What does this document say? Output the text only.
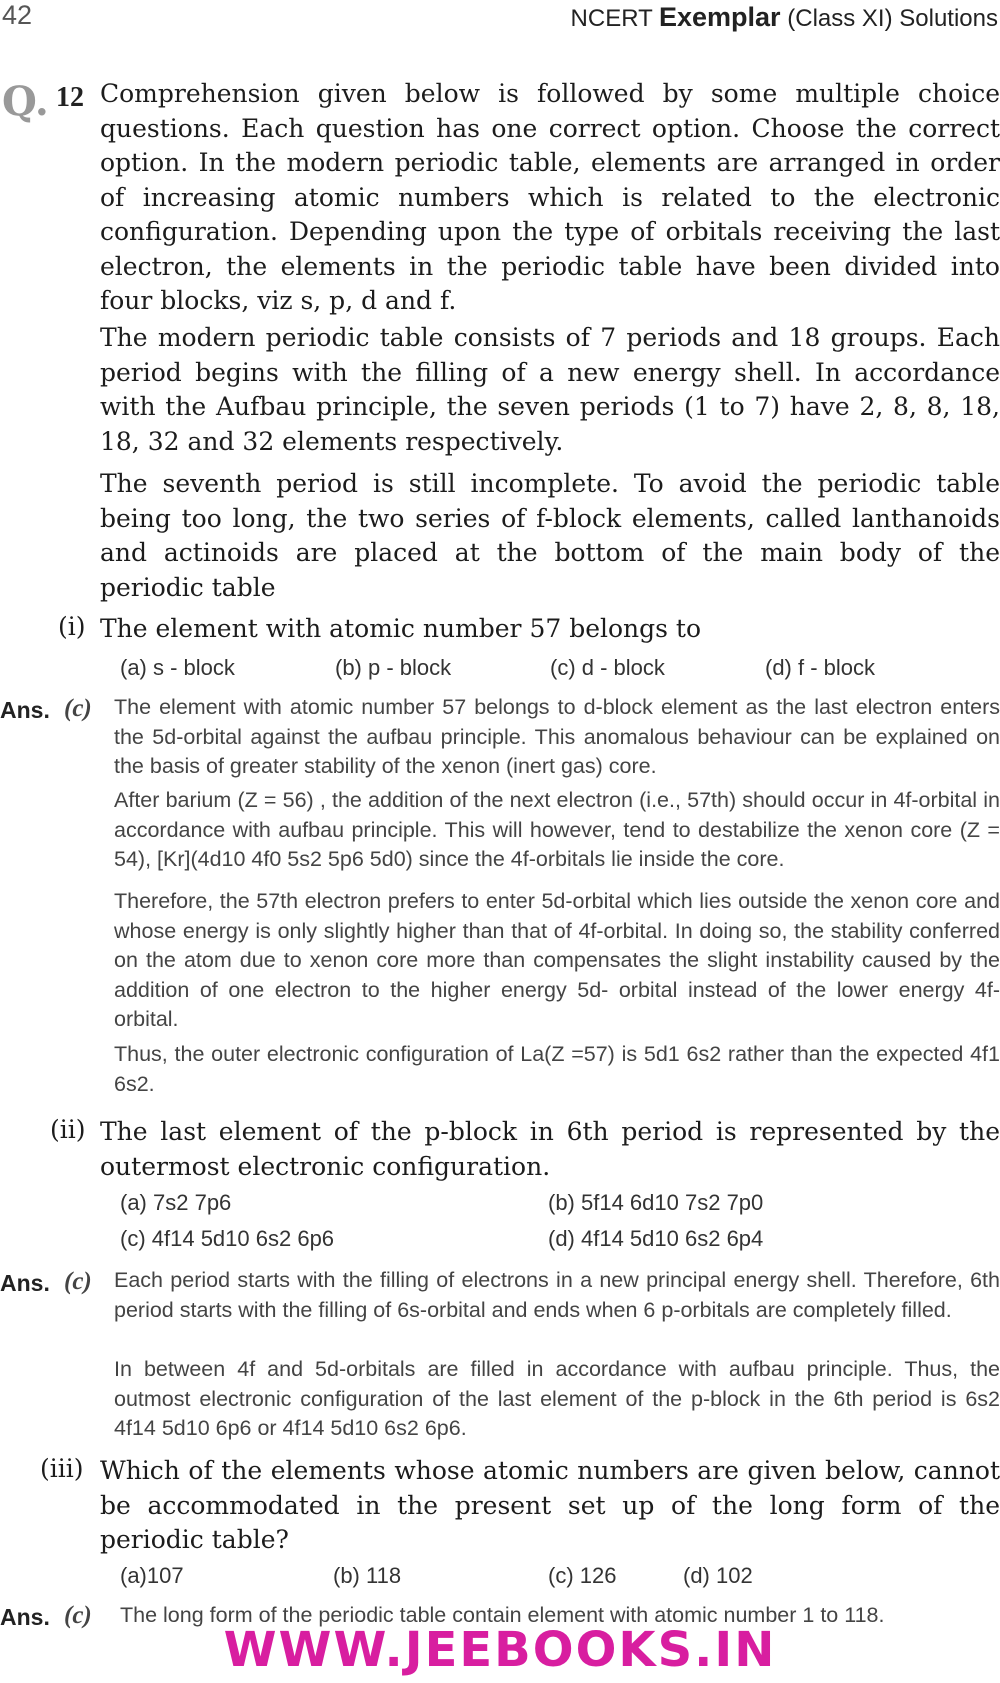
42	NCERT Exemplar (Class XI) Solutions
Q. 12 Comprehension given below is followed by some multiple choice questions. Each question has one correct option. Choose the correct option. In the modern periodic table, elements are arranged in order of increasing atomic numbers which is related to the electronic configuration. Depending upon the type of orbitals receiving the last electron, the elements in the periodic table have been divided into four blocks, viz s, p, d and f.
The modern periodic table consists of 7 periods and 18 groups. Each period begins with the filling of a new energy shell. In accordance with the Aufbau principle, the seven periods (1 to 7) have 2, 8, 8, 18, 18, 32 and 32 elements respectively.
The seventh period is still incomplete. To avoid the periodic table being too long, the two series of f-block elements, called lanthanoids and actinoids are placed at the bottom of the main body of the periodic table
(i) The element with atomic number 57 belongs to
(a) s - block	(b) p - block	(c) d - block	(d) f - block
Ans. (c) The element with atomic number 57 belongs to d-block element as the last electron enters the 5d-orbital against the aufbau principle. This anomalous behaviour can be explained on the basis of greater stability of the xenon (inert gas) core.
After barium (Z = 56) , the addition of the next electron (i.e., 57th) should occur in 4f-orbital in accordance with aufbau principle. This will however, tend to destabilize the xenon core (Z = 54), [Kr](4d10 4f0 5s2 5p6 5d0) since the 4f-orbitals lie inside the core.
Therefore, the 57th electron prefers to enter 5d-orbital which lies outside the xenon core and whose energy is only slightly higher than that of 4f-orbital. In doing so, the stability conferred on the atom due to xenon core more than compensates the slight instability caused by the addition of one electron to the higher energy 5d- orbital instead of the lower energy 4f- orbital.
Thus, the outer electronic configuration of La(Z =57) is 5d1 6s2 rather than the expected 4f1 6s2.
(ii) The last element of the p-block in 6th period is represented by the outermost electronic configuration.
(a) 7s2 7p6	(b) 5f14 6d10 7s2 7p0
(c) 4f14 5d10 6s2 6p6	(d) 4f14 5d10 6s2 6p4
Ans. (c) Each period starts with the filling of electrons in a new principal energy shell. Therefore, 6th period starts with the filling of 6s-orbital and ends when 6 p-orbitals are completely filled.
In between 4f and 5d-orbitals are filled in accordance with aufbau principle. Thus, the outmost electronic configuration of the last element of the p-block in the 6th period is 6s2 4f14 5d10 6p6 or 4f14 5d10 6s2 6p6.
(iii) Which of the elements whose atomic numbers are given below, cannot be accommodated in the present set up of the long form of the periodic table?
(a)107	(b) 118	(c) 126	(d) 102
Ans. (c) The long form of the periodic table contain element with atomic number 1 to 118.
WWW.JEEBOOKS.IN
